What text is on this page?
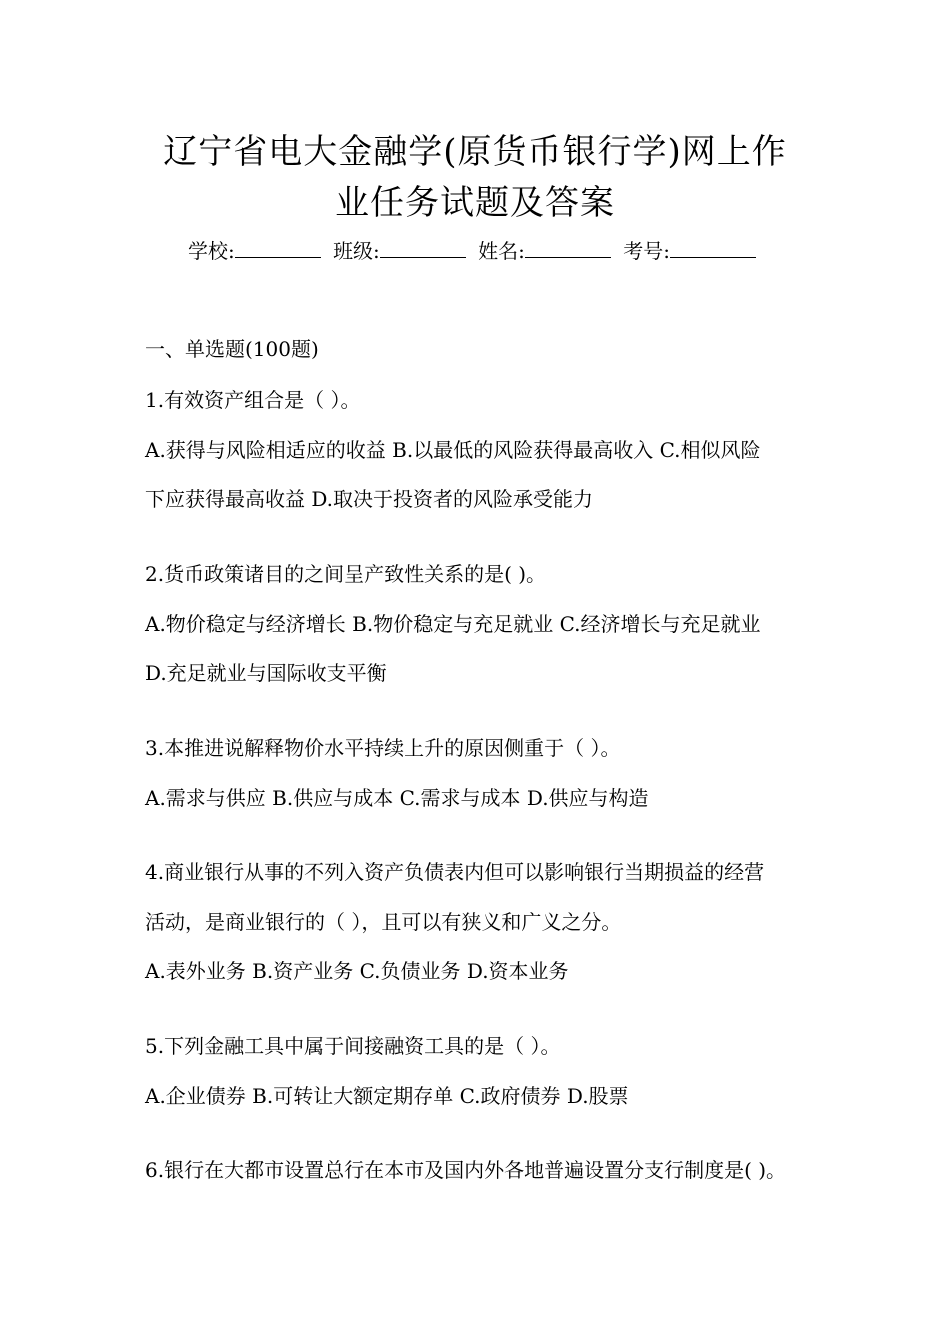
辽宁省电大金融学(原货币银行学)网上作
业任务试题及答案
学校:	班级:	姓名:	考号:
一、单选题(100题)
1.有效资产组合是（ ）。
A.获得与风险相适应的收益 B.以最低的风险获得最高收入 C.相似风险
下应获得最高收益 D.取决于投资者的风险承受能力
2.货币政策诸目的之间呈产致性关系的是( )。
A.物价稳定与经济增长 B.物价稳定与充足就业 C.经济增长与充足就业
D.充足就业与国际收支平衡
3.本推进说解释物价水平持续上升的原因侧重于（ ）。
A.需求与供应 B.供应与成本 C.需求与成本 D.供应与构造
4.商业银行从事的不列入资产负债表内但可以影响银行当期损益的经营
活动，是商业银行的（ ），且可以有狭义和广义之分。
A.表外业务 B.资产业务 C.负债业务 D.资本业务
5.下列金融工具中属于间接融资工具的是（ ）。
A.企业债券 B.可转让大额定期存单 C.政府债券 D.股票
6.银行在大都市设置总行在本市及国内外各地普遍设置分支行制度是( )。
